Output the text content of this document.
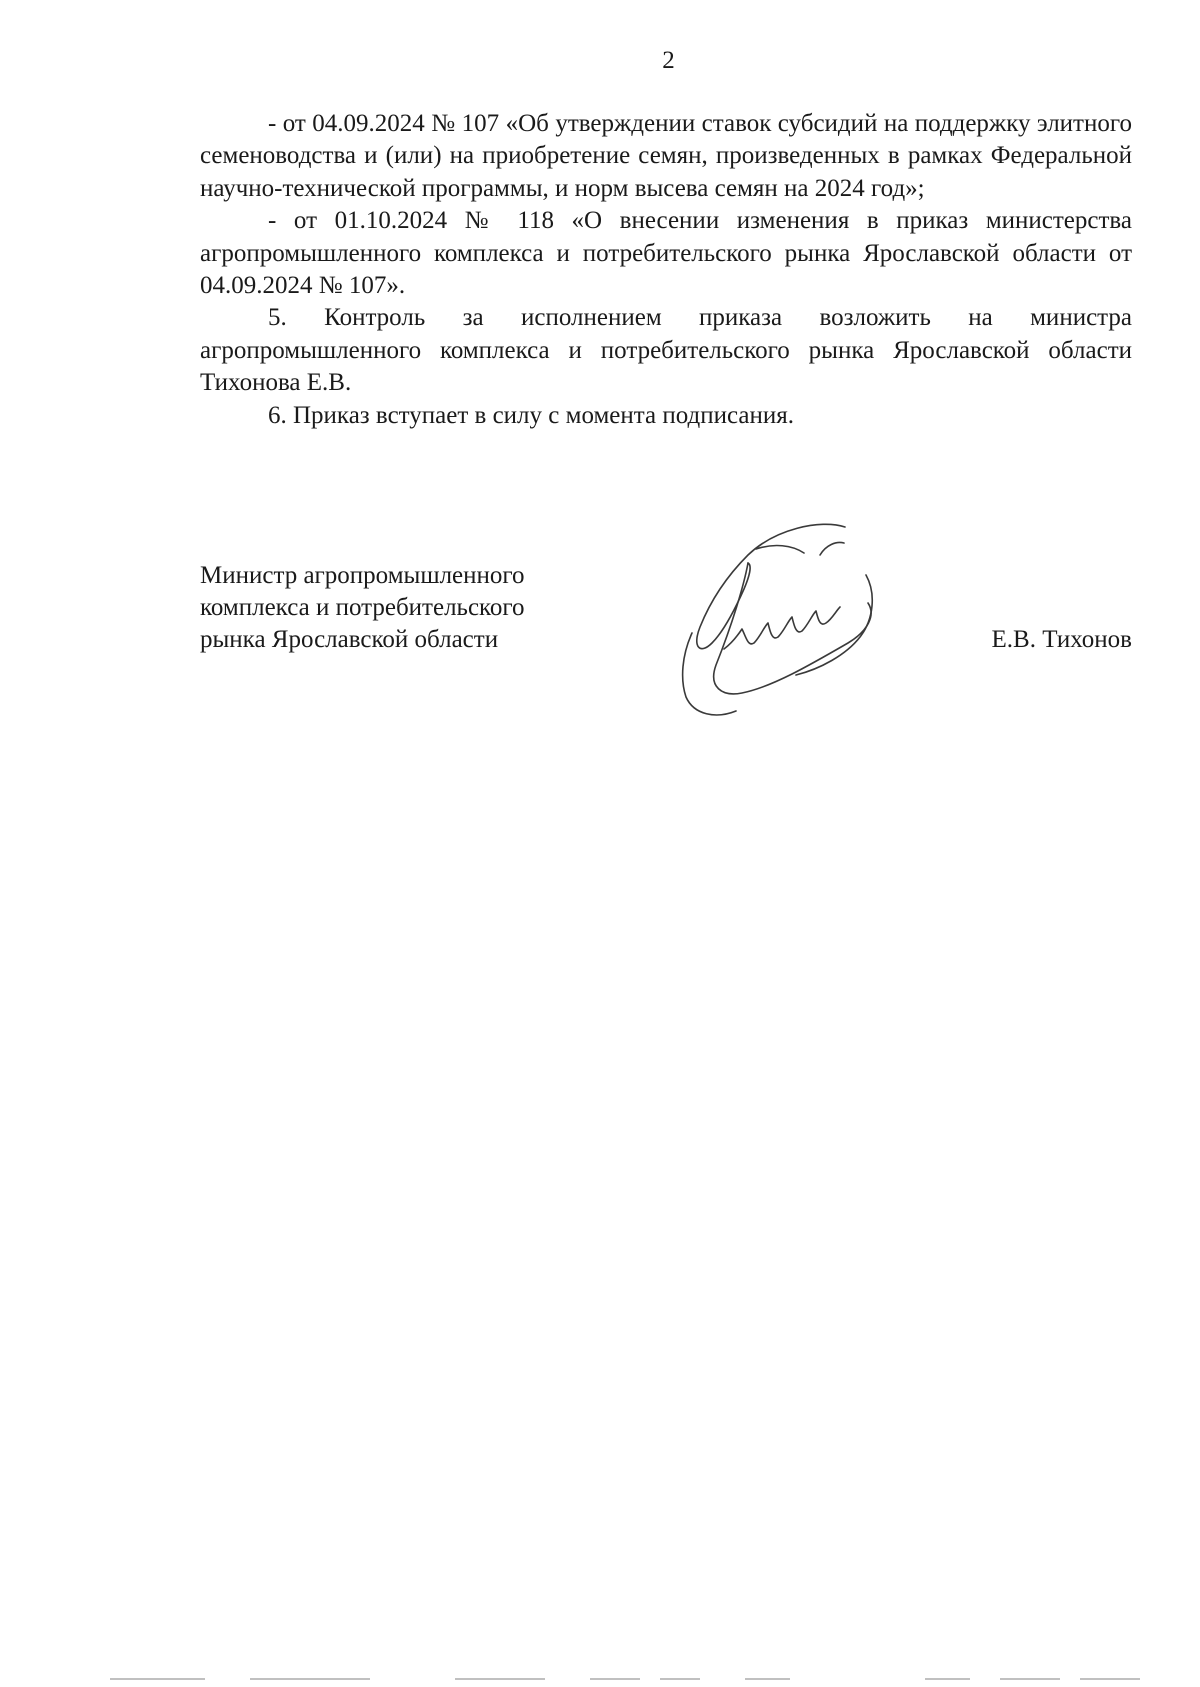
2

- от 04.09.2024 № 107 «Об утверждении ставок субсидий на поддержку элитного семеноводства и (или) на приобретение семян, произведенных в рамках Федеральной научно-технической программы, и норм высева семян на 2024 год»;

- от 01.10.2024 № 118 «О внесении изменения в приказ министерства агропромышленного комплекса и потребительского рынка Ярославской области от 04.09.2024 № 107».

5. Контроль за исполнением приказа возложить на министра агропромышленного комплекса и потребительского рынка Ярославской области Тихонова Е.В.

6. Приказ вступает в силу с момента подписания.

Министр агропромышленного
комплекса и потребительского
рынка Ярославской области	Е.В. Тихонов
